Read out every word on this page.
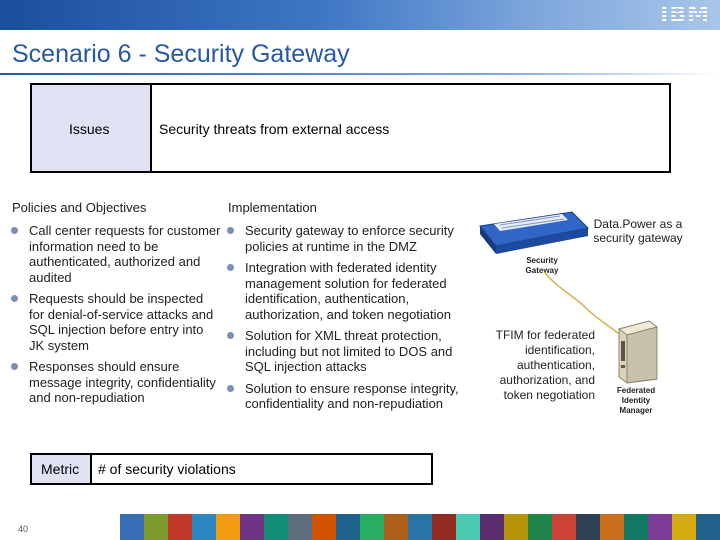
IBM
Scenario 6 - Security Gateway
Issues	Security threats from external access
Policies and Objectives
Call center requests for customer information need to be authenticated, authorized and audited
Requests should be inspected for denial-of-service attacks and SQL injection before entry into JK system
Responses should ensure message integrity, confidentiality and non-repudiation
Implementation
Security gateway to enforce security policies at runtime in the DMZ
Integration with federated identity management solution for federated identification, authentication, authorization, and token negotiation
Solution for XML threat protection, including but not limited to DOS and SQL injection attacks
Solution to ensure response integrity, confidentiality and non-repudiation
Security Gateway
Data.Power as a security gateway
Federated Identity Manager
TFIM for federated identification, authentication, authorization, and token negotiation
Metric	# of security violations
40
